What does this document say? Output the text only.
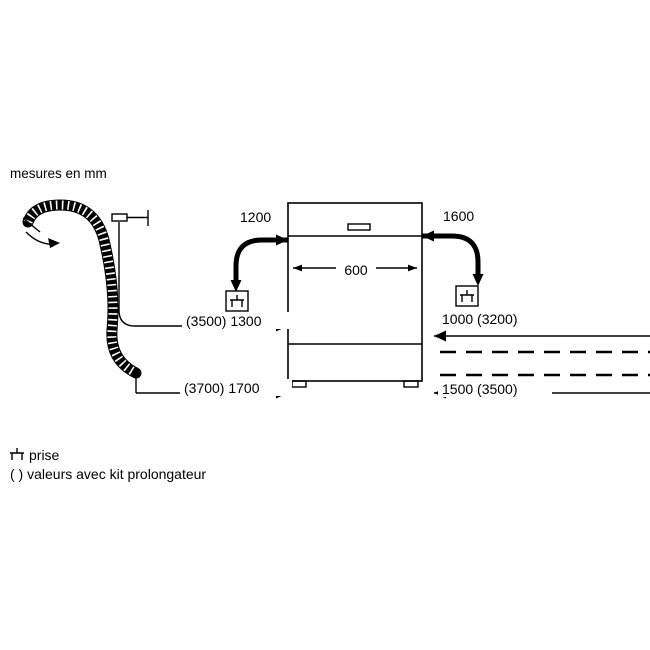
mesures en mm
600
1200	1600
(3500) 1300	1000 (3200)
(3700) 1700	1500 (3500)
prise
( ) valeurs avec kit prolongateur
